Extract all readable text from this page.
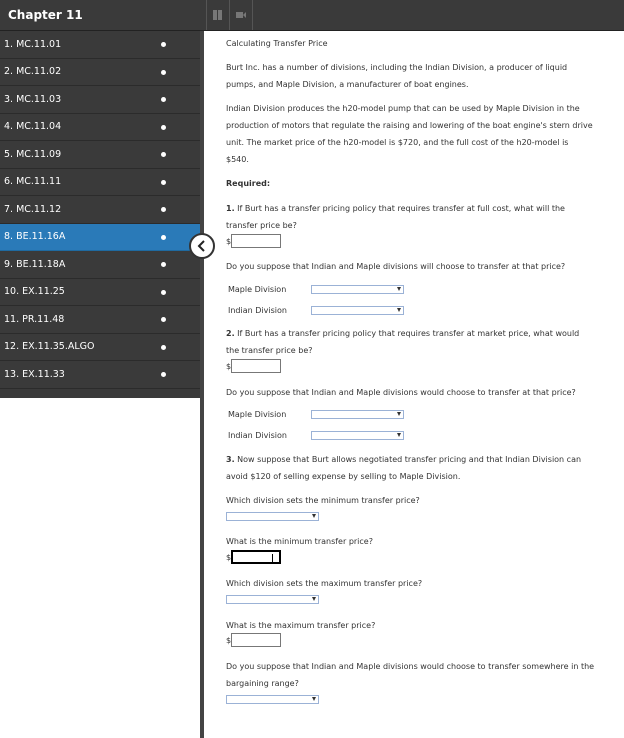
Chapter 11
1. MC.11.01
2. MC.11.02
3. MC.11.03
4. MC.11.04
5. MC.11.09
6. MC.11.11
7. MC.11.12
8. BE.11.16A
9. BE.11.18A
10. EX.11.25
11. PR.11.48
12. EX.11.35.ALGO
13. EX.11.33
Calculating Transfer Price
Burt Inc. has a number of divisions, including the Indian Division, a producer of liquid
pumps, and Maple Division, a manufacturer of boat engines.
Indian Division produces the h20-model pump that can be used by Maple Division in the
production of motors that regulate the raising and lowering of the boat engine's stern drive
unit. The market price of the h20-model is $720, and the full cost of the h20-model is
$540.
Required:
1. If Burt has a transfer pricing policy that requires transfer at full cost, what will the
transfer price be?
$
Do you suppose that Indian and Maple divisions will choose to transfer at that price?
Maple Division
Indian Division
2. If Burt has a transfer pricing policy that requires transfer at market price, what would
the transfer price be?
$
Do you suppose that Indian and Maple divisions would choose to transfer at that price?
Maple Division
Indian Division
3. Now suppose that Burt allows negotiated transfer pricing and that Indian Division can
avoid $120 of selling expense by selling to Maple Division.
Which division sets the minimum transfer price?
What is the minimum transfer price?
$
Which division sets the maximum transfer price?
What is the maximum transfer price?
$
Do you suppose that Indian and Maple divisions would choose to transfer somewhere in the
bargaining range?
